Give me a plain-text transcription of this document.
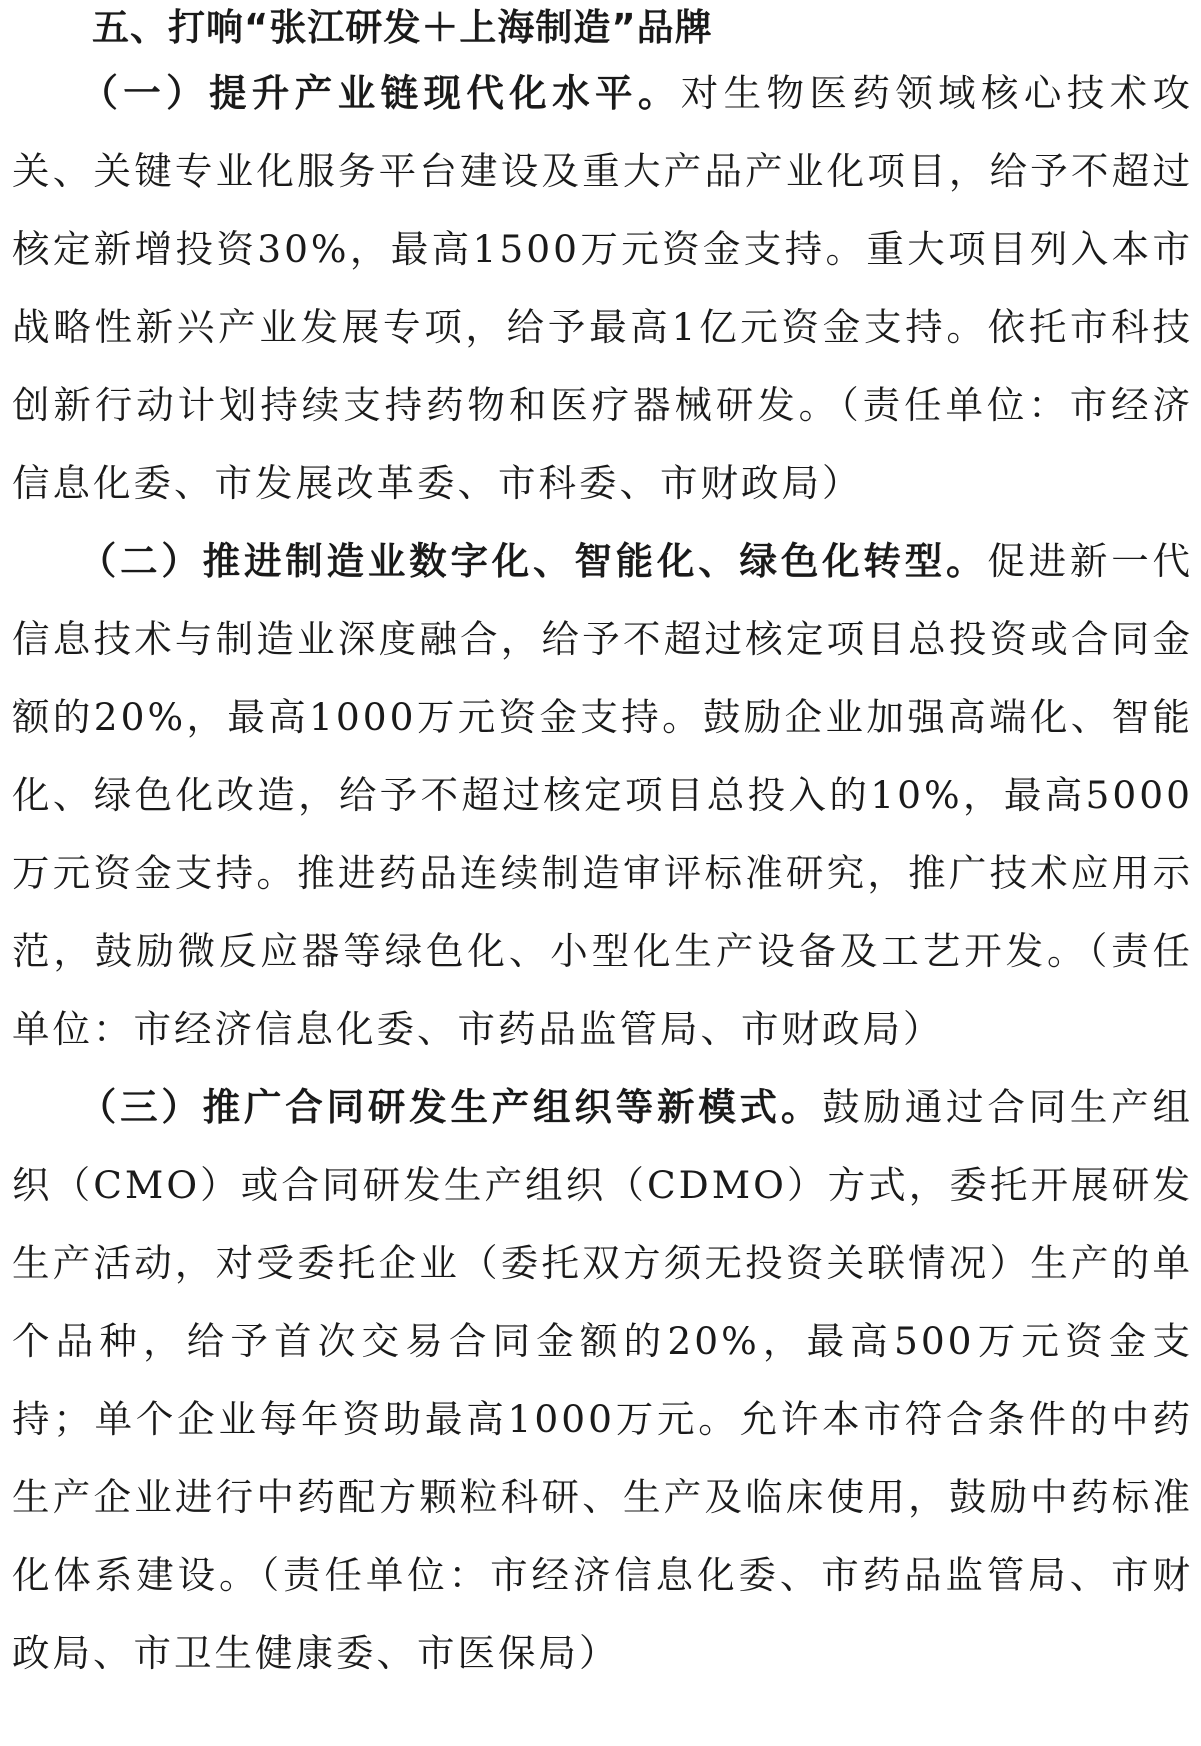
五、打响“张江研发＋上海制造”品牌

（一）提升产业链现代化水平。对生物医药领域核心技术攻关、关键专业化服务平台建设及重大产品产业化项目，给予不超过核定新增投资30%，最高1500万元资金支持。重大项目列入本市战略性新兴产业发展专项，给予最高1亿元资金支持。依托市科技创新行动计划持续支持药物和医疗器械研发。（责任单位：市经济信息化委、市发展改革委、市科委、市财政局）

（二）推进制造业数字化、智能化、绿色化转型。促进新一代信息技术与制造业深度融合，给予不超过核定项目总投资或合同金额的20%，最高1000万元资金支持。鼓励企业加强高端化、智能化、绿色化改造，给予不超过核定项目总投入的10%，最高5000万元资金支持。推进药品连续制造审评标准研究，推广技术应用示范，鼓励微反应器等绿色化、小型化生产设备及工艺开发。（责任单位：市经济信息化委、市药品监管局、市财政局）

（三）推广合同研发生产组织等新模式。鼓励通过合同生产组织（CMO）或合同研发生产组织（CDMO）方式，委托开展研发生产活动，对受委托企业（委托双方须无投资关联情况）生产的单个品种，给予首次交易合同金额的20%，最高500万元资金支持；单个企业每年资助最高1000万元。允许本市符合条件的中药生产企业进行中药配方颗粒科研、生产及临床使用，鼓励中药标准化体系建设。（责任单位：市经济信息化委、市药品监管局、市财政局、市卫生健康委、市医保局）
